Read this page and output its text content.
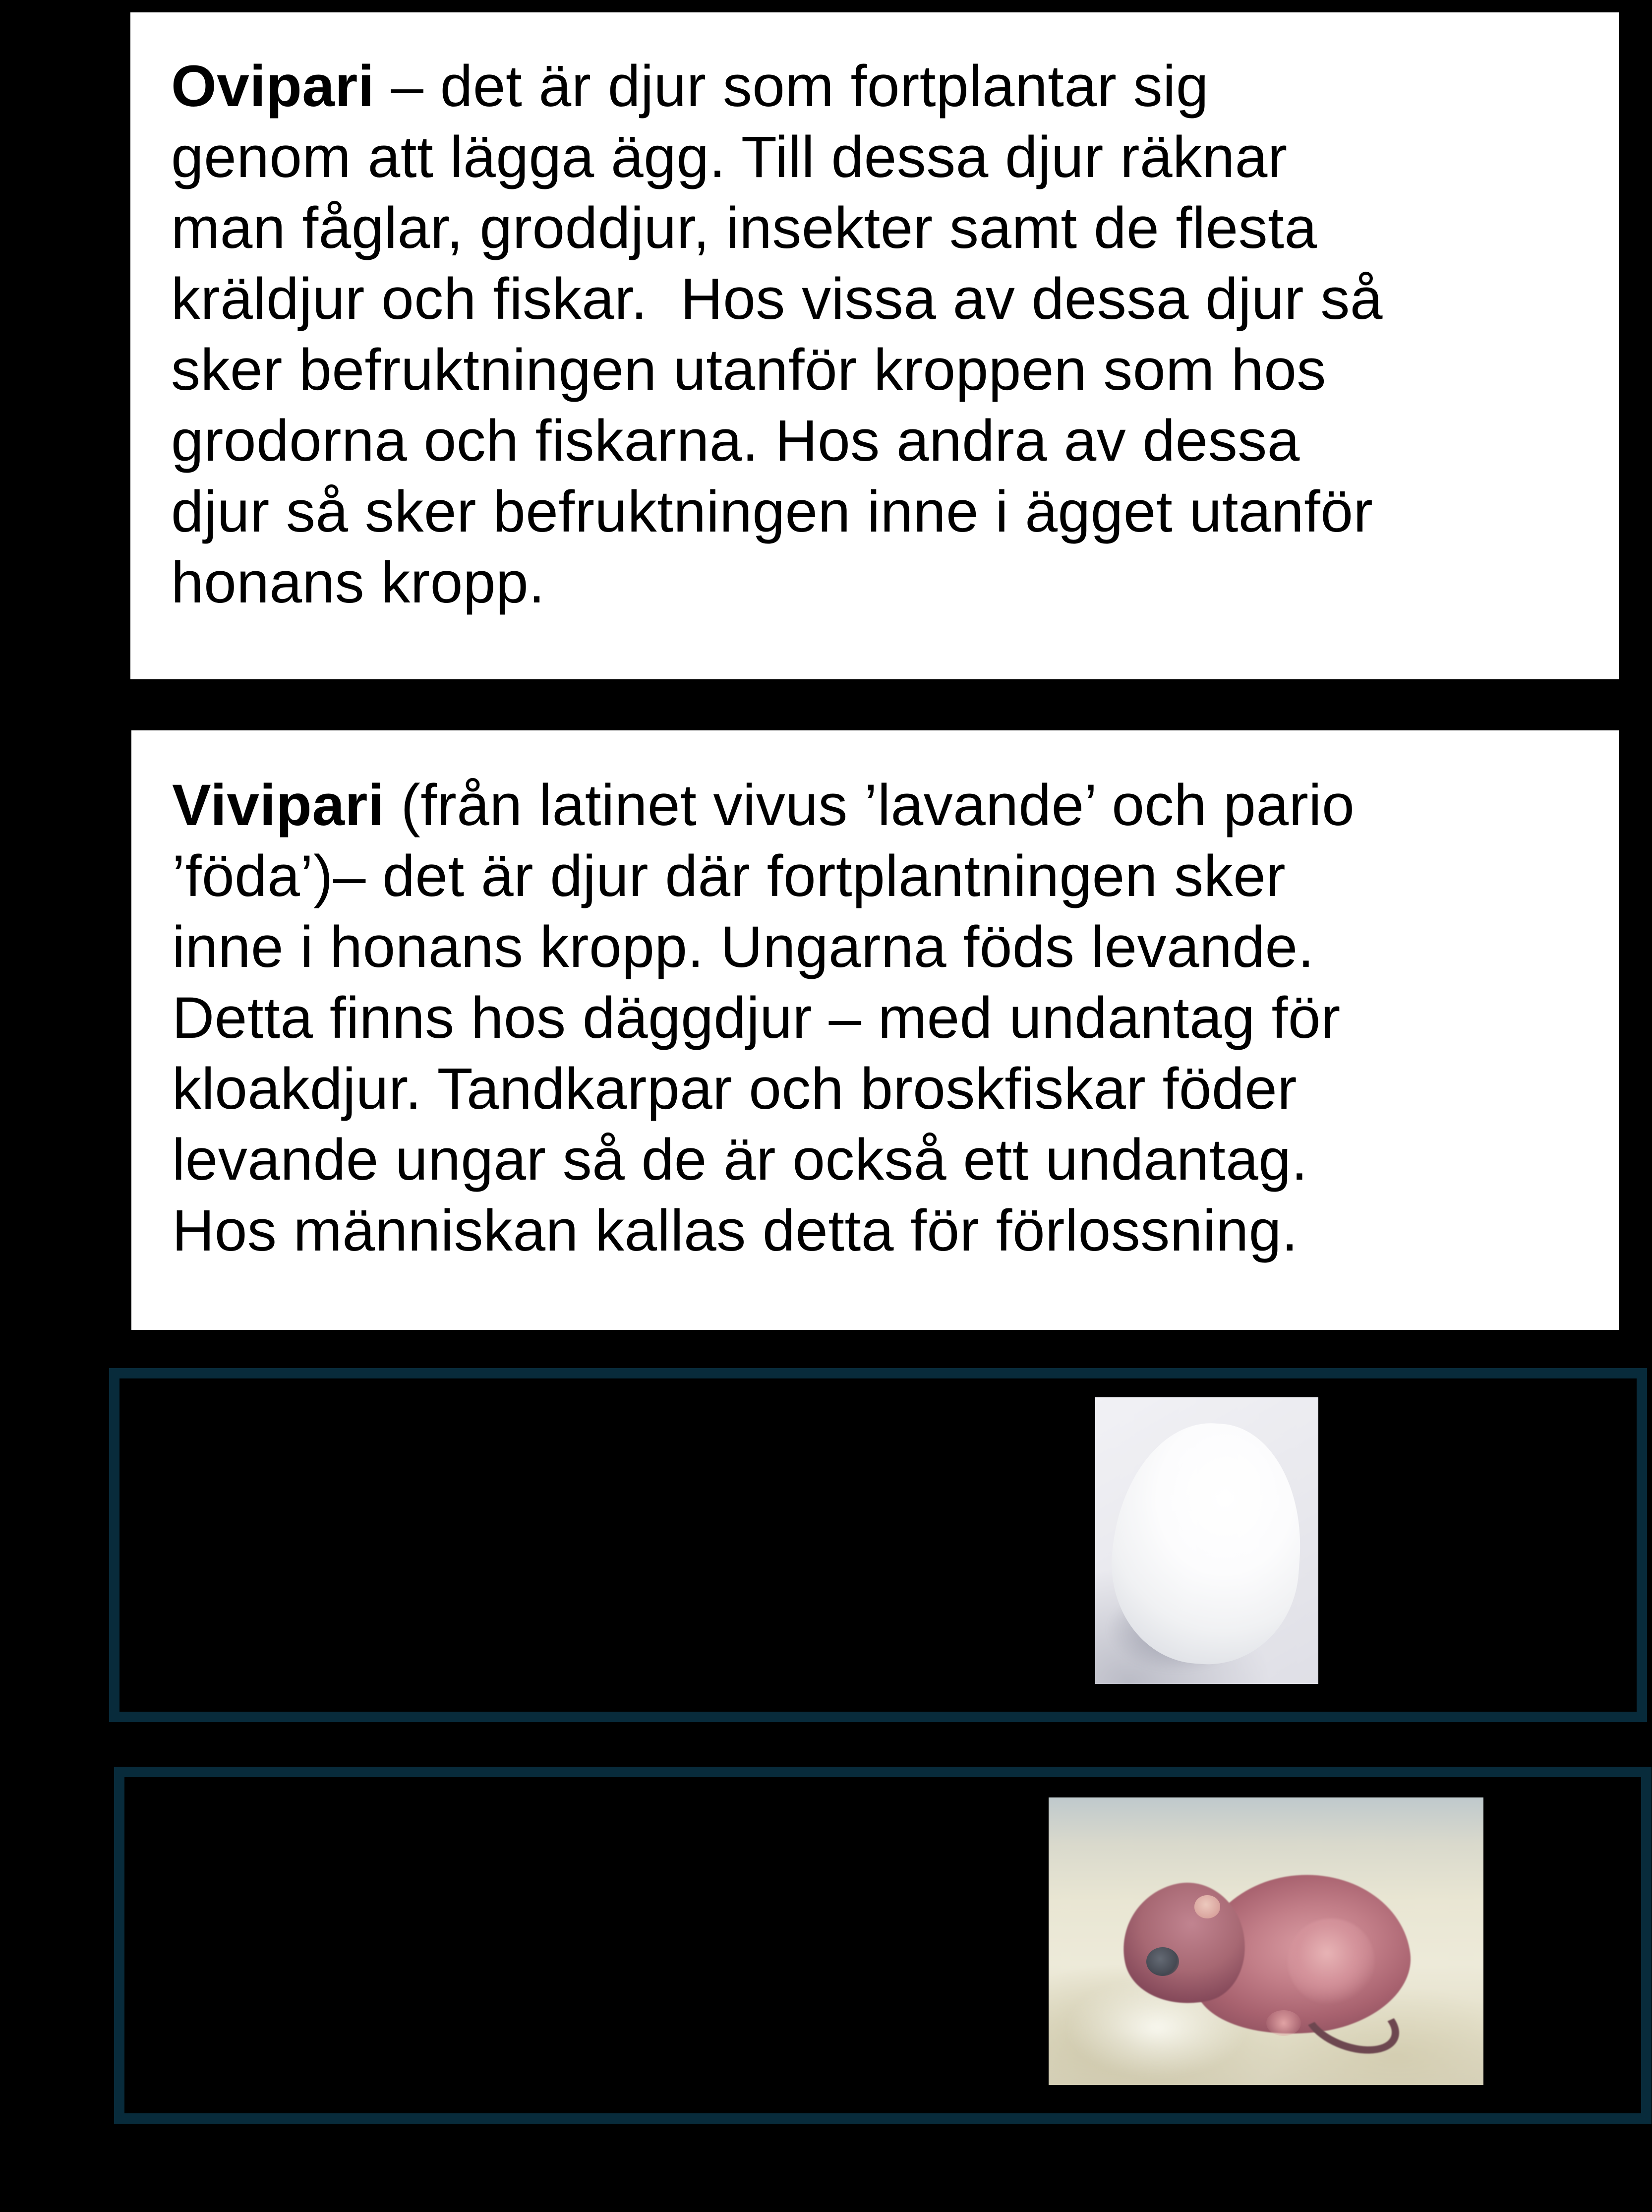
Ovipari – det är djur som fortplantar sig
genom att lägga ägg. Till dessa djur räknar
man fåglar, groddjur, insekter samt de flesta
kräldjur och fiskar.  Hos vissa av dessa djur så
sker befruktningen utanför kroppen som hos
grodorna och fiskarna. Hos andra av dessa
djur så sker befruktningen inne i ägget utanför
honans kropp.
Vivipari (från latinet vivus ’lavande’ och pario
’föda’)– det är djur där fortplantningen sker
inne i honans kropp. Ungarna föds levande.
Detta finns hos däggdjur – med undantag för
kloakdjur. Tandkarpar och broskfiskar föder
levande ungar så de är också ett undantag.
Hos människan kallas detta för förlossning.
